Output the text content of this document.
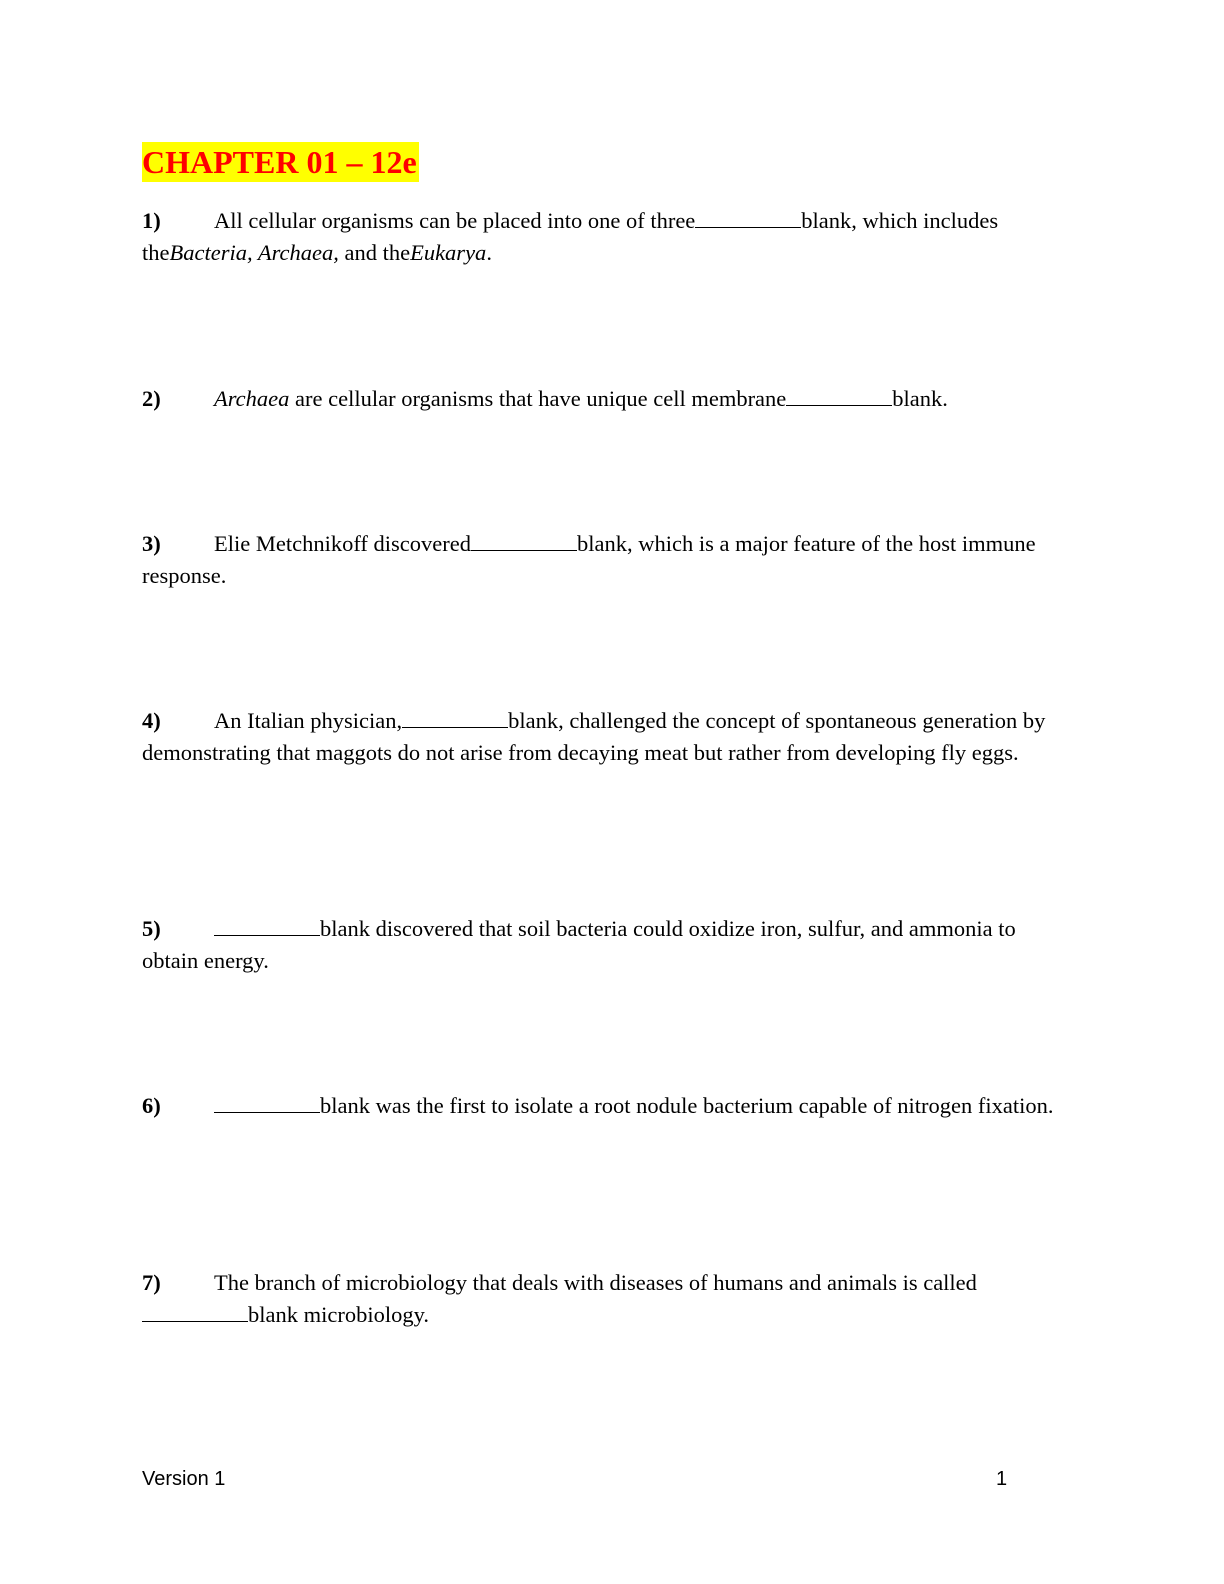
CHAPTER 01 – 12e

1) All cellular organisms can be placed into one of three	blank, which includes theBacteria, Archaea, and theEukarya.

2) Archaea are cellular organisms that have unique cell membrane	blank.

3) Elie Metchnikoff discovered	blank, which is a major feature of the host immune response.

4) An Italian physician,	blank, challenged the concept of spontaneous generation by demonstrating that maggots do not arise from decaying meat but rather from developing fly eggs.

5)	blank discovered that soil bacteria could oxidize iron, sulfur, and ammonia to obtain energy.

6)	blank was the first to isolate a root nodule bacterium capable of nitrogen fixation.

7) The branch of microbiology that deals with diseases of humans and animals is calledblank microbiology.

Version 1	1
